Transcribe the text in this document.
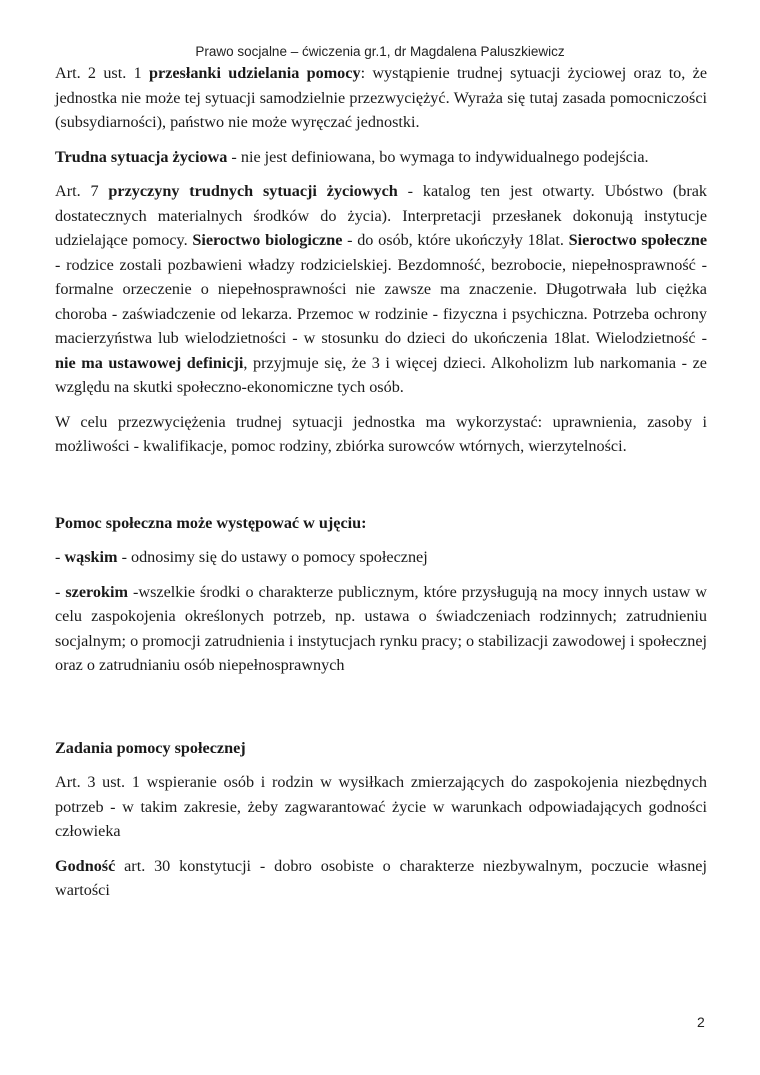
Prawo socjalne – ćwiczenia gr.1, dr Magdalena Paluszkiewicz

Art. 2 ust. 1 przesłanki udzielania pomocy: wystąpienie trudnej sytuacji życiowej oraz to, że jednostka nie może tej sytuacji samodzielnie przezwyciężyć. Wyraża się tutaj zasada pomocniczości (subsydiarności), państwo nie może wyręczać jednostki.

Trudna sytuacja życiowa - nie jest definiowana, bo wymaga to indywidualnego podejścia.

Art. 7 przyczyny trudnych sytuacji życiowych - katalog ten jest otwarty. Ubóstwo (brak dostatecznych materialnych środków do życia). Interpretacji przesłanek dokonują instytucje udzielające pomocy. Sieroctwo biologiczne - do osób, które ukończyły 18lat. Sieroctwo społeczne - rodzice zostali pozbawieni władzy rodzicielskiej. Bezdomność, bezrobocie, niepełnosprawność - formalne orzeczenie o niepełnosprawności nie zawsze ma znaczenie. Długotrwała lub ciężka choroba - zaświadczenie od lekarza. Przemoc w rodzinie - fizyczna i psychiczna. Potrzeba ochrony macierzyństwa lub wielodzietności - w stosunku do dzieci do ukończenia 18lat. Wielodzietność - nie ma ustawowej definicji, przyjmuje się, że 3 i więcej dzieci. Alkoholizm lub narkomania - ze względu na skutki społeczno-ekonomiczne tych osób.

W celu przezwyciężenia trudnej sytuacji jednostka ma wykorzystać: uprawnienia, zasoby i możliwości - kwalifikacje, pomoc rodziny, zbiórka surowców wtórnych, wierzytelności.

Pomoc społeczna może występować w ujęciu:

- wąskim - odnosimy się do ustawy o pomocy społecznej

- szerokim -wszelkie środki o charakterze publicznym, które przysługują na mocy innych ustaw w celu zaspokojenia określonych potrzeb, np. ustawa o świadczeniach rodzinnych; zatrudnieniu socjalnym; o promocji zatrudnienia i instytucjach rynku pracy; o stabilizacji zawodowej i społecznej oraz o zatrudnianiu osób niepełnosprawnych

Zadania pomocy społecznej

Art. 3 ust. 1 wspieranie osób i rodzin w wysiłkach zmierzających do zaspokojenia niezbędnych potrzeb - w takim zakresie, żeby zagwarantować życie w warunkach odpowiadających godności człowieka

Godność art. 30 konstytucji - dobro osobiste o charakterze niezbywalnym, poczucie własnej wartości

2
